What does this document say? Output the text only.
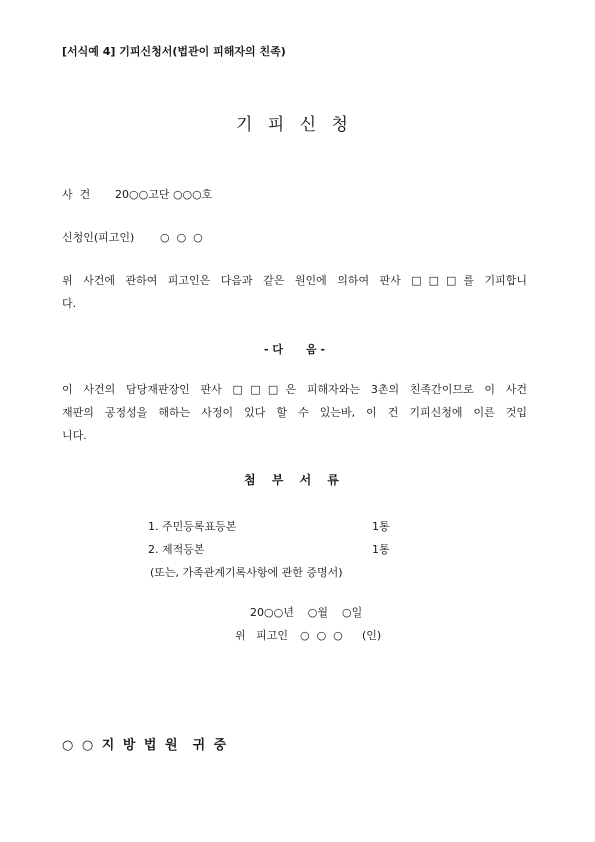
[서식예 4] 기피신청서(법관이 피해자의 친족)
기 피 신 청
사  건 20○○고단 ○○○호
신청인(피고인) ○  ○  ○
위 사건에 관하여 피고인은 다음과 같은 원인에 의하여 판사 □□□를 기피합니
다.
- 다      음 -
이 사건의 담당재판장인 판사 □□□은 피해자와는 3촌의 친족간이므로 이 사건
재판의 공정성을 해하는 사정이 있다 할 수 있는바, 이 건 기피신청에 이른 것입
니다.
첨 부 서 류
1. 주민등록표등본	1통
2. 제적등본	1통
(또는, 가족관계기록사항에 관한 증명서)
20○○년    ○월    ○일
위   피고인 ○  ○  ○ (인)
○ ○ 지 방 법 원  귀 중
